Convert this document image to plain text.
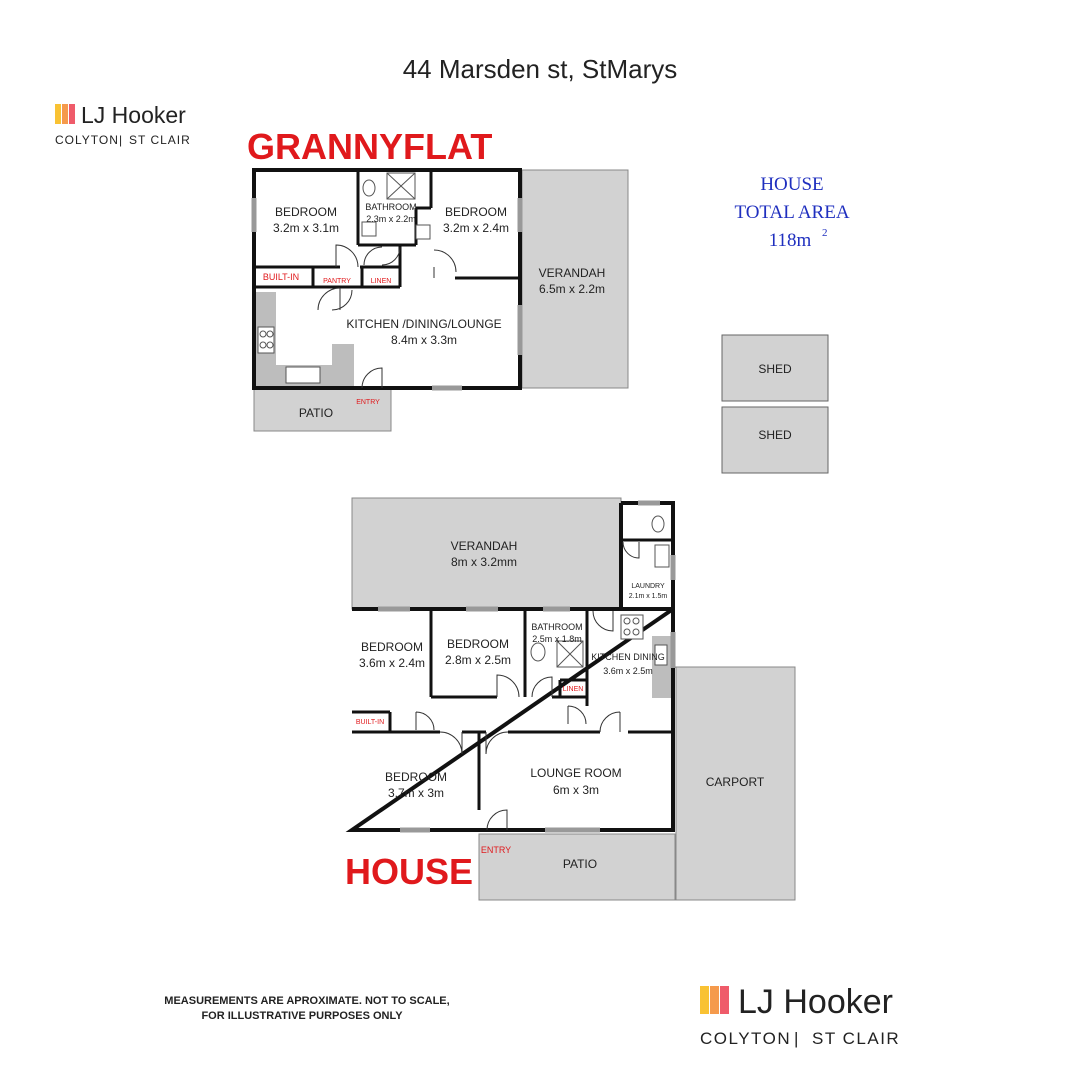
44 Marsden st, StMarys
LJ Hooker
COLYTON | ST CLAIR GRANNYFLAT
BEDROOM
3.2m x 3.1m
BATHROOM
2.3m x 2.2m BEDROOM
3.2m x 2.4m
VERANDAH
6.5m x 2.2m
KITCHEN /DINING/LOUNGE
8.4m x 3.3m
PATIO
BUILT-IN	PANTRY	LINEN
ENTRY
HOUSE
TOTAL AREA
118m 2
SHED
SHED
VERANDAH
8m x 3.2mm
LAUNDRY
2.1m x 1.5m
BEDROOM
3.6m x 2.4m
BEDROOM
2.8m x 2.5m
BATHROOM
2.5m x 1.8m
KITCHEN DINING
3.6m x 2.5m
BEDROOM
3.7m x 3m
LOUNGE ROOM
6m x 3m
CARPORT
PATIO
BUILT-IN
LINEN
ENTRY
HOUSE
MEASUREMENTS ARE APROXIMATE. NOT TO SCALE,
FOR ILLUSTRATIVE PURPOSES ONLY	LJ Hooker
COLYTON | ST CLAIR
